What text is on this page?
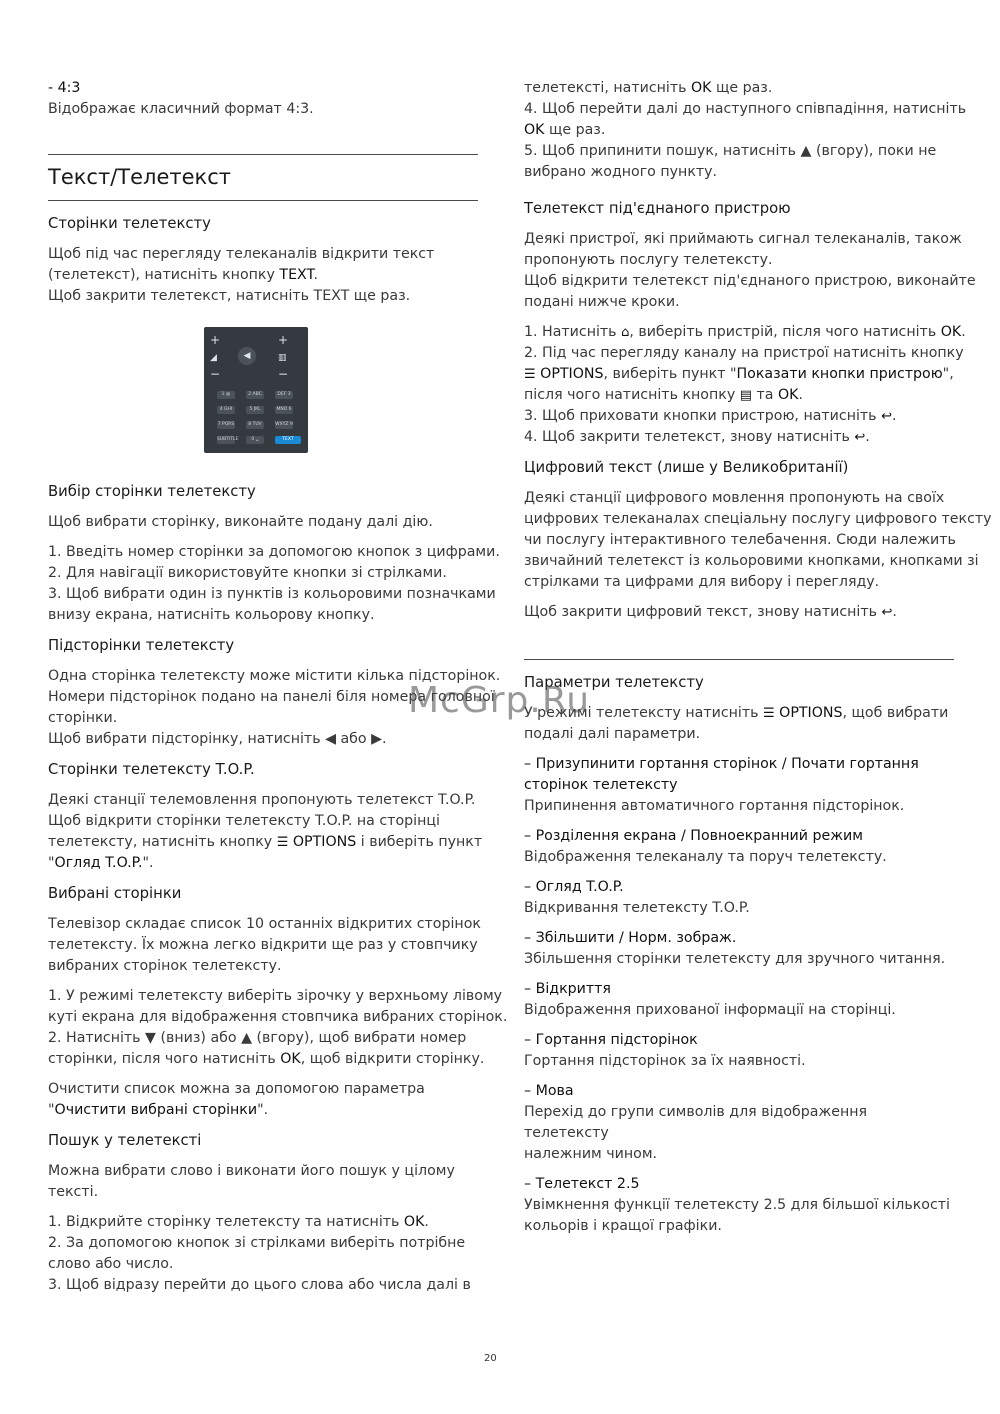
- 4:3

Відображає класичний формат 4:3.

Текст/Телетекст
Сторінки телетексту
Щоб під час перегляду телеканалів відкрити текст
(телетекст), натисніть кнопку TEXT.
Щоб закрити телетекст, натисніть TEXT ще раз.
+	+
◢	▥
◀
−	−
1 @	2 ABC	DEF 3
4 GHI	5 JKL	MNO 6
7 PQRS	8 TUV	WXYZ 9
SUBTITLE	0 ␣	TEXT
Вибір сторінки телетексту

Щоб вибрати сторінку, виконайте подану далі дію.

1. Введіть номер сторінки за допомогою кнопок з цифрами.
2. Для навігації використовуйте кнопки зі стрілками.
3. Щоб вибрати один із пунктів із кольоровими позначками
внизу екрана, натисніть кольорову кнопку.
Підсторінки телетексту
Одна сторінка телетексту може містити кілька підсторінок.
Номери підсторінок подано на панелі біля номера головної
сторінки.
Щоб вибрати підсторінку, натисніть ◀ або ▶.
Сторінки телетексту T.O.P.
Деякі станції телемовлення пропонують телетекст T.O.P.
Щоб відкрити сторінки телетексту T.O.P. на сторінці
телетексту, натисніть кнопку ☰ OPTIONS і виберіть пункт
"Огляд T.O.P.".
Вибрані сторінки
Телевізор складає список 10 останніх відкритих сторінок
телетексту. Їх можна легко відкрити ще раз у стовпчику
вибраних сторінок телетексту.
1. У режимі телетексту виберіть зірочку у верхньому лівому
куті екрана для відображення стовпчика вибраних сторінок.
2. Натисніть ▼ (вниз) або ▲ (вгору), щоб вибрати номер
сторінки, після чого натисніть OK, щоб відкрити сторінку.
Очистити список можна за допомогою параметра
"Очистити вибрані сторінки".
Пошук у телетексті

Можна вибрати слово і виконати його пошук у цілому тексті.

1. Відкрийте сторінку телетексту та натисніть OK.
2. За допомогою кнопок зі стрілками виберіть потрібне
слово або число.
3. Щоб відразу перейти до цього слова або числа далі в
телетексті, натисніть OK ще раз.
4. Щоб перейти далі до наступного співпадіння, натисніть
OK ще раз.
5. Щоб припинити пошук, натисніть ▲ (вгору), поки не
вибрано жодного пункту.
Телетекст під'єднаного пристрою
Деякі пристрої, які приймають сигнал телеканалів, також
пропонують послугу телетексту.
Щоб відкрити телетекст під'єднаного пристрою, виконайте
подані нижче кроки.
1. Натисніть ⌂, виберіть пристрій, після чого натисніть OK.
2. Під час перегляду каналу на пристрої натисніть кнопку
☰ OPTIONS, виберіть пункт "Показати кнопки пристрою",
після чого натисніть кнопку ▤ та OK.
3. Щоб приховати кнопки пристрою, натисніть ↩.
4. Щоб закрити телетекст, знову натисніть ↩.
Цифровий текст (лише у Великобританії)
Деякі станції цифрового мовлення пропонують на своїх
цифрових телеканалах спеціальну послугу цифрового тексту
чи послугу інтерактивного телебачення. Сюди належить
звичайний телетекст із кольоровими кнопками, кнопками зі
стрілками та цифрами для вибору і перегляду.
Щоб закрити цифровий текст, знову натисніть ↩.
Параметри телетексту
У режимі телетексту натисніть ☰ OPTIONS, щоб вибрати
подалі далі параметри.
– Призупинити гортання сторінок / Почати гортання
сторінок телетексту
Припинення автоматичного гортання підсторінок.
– Розділення екрана / Повноекранний режим
Відображення телеканалу та поруч телетексту.
– Огляд T.O.P.
Відкривання телетексту T.O.P.
– Збільшити / Норм. зображ.
Збільшення сторінки телетексту для зручного читання.
– Відкриття
Відображення прихованої інформації на сторінці.
– Гортання підсторінок
Гортання підсторінок за їх наявності.
– Мова
Перехід до групи символів для відображення телетексту
належним чином.
– Телетекст 2.5
Увімкнення функції телетексту 2.5 для більшої кількості
кольорів і кращої графіки.
McGrp.Ru
20
